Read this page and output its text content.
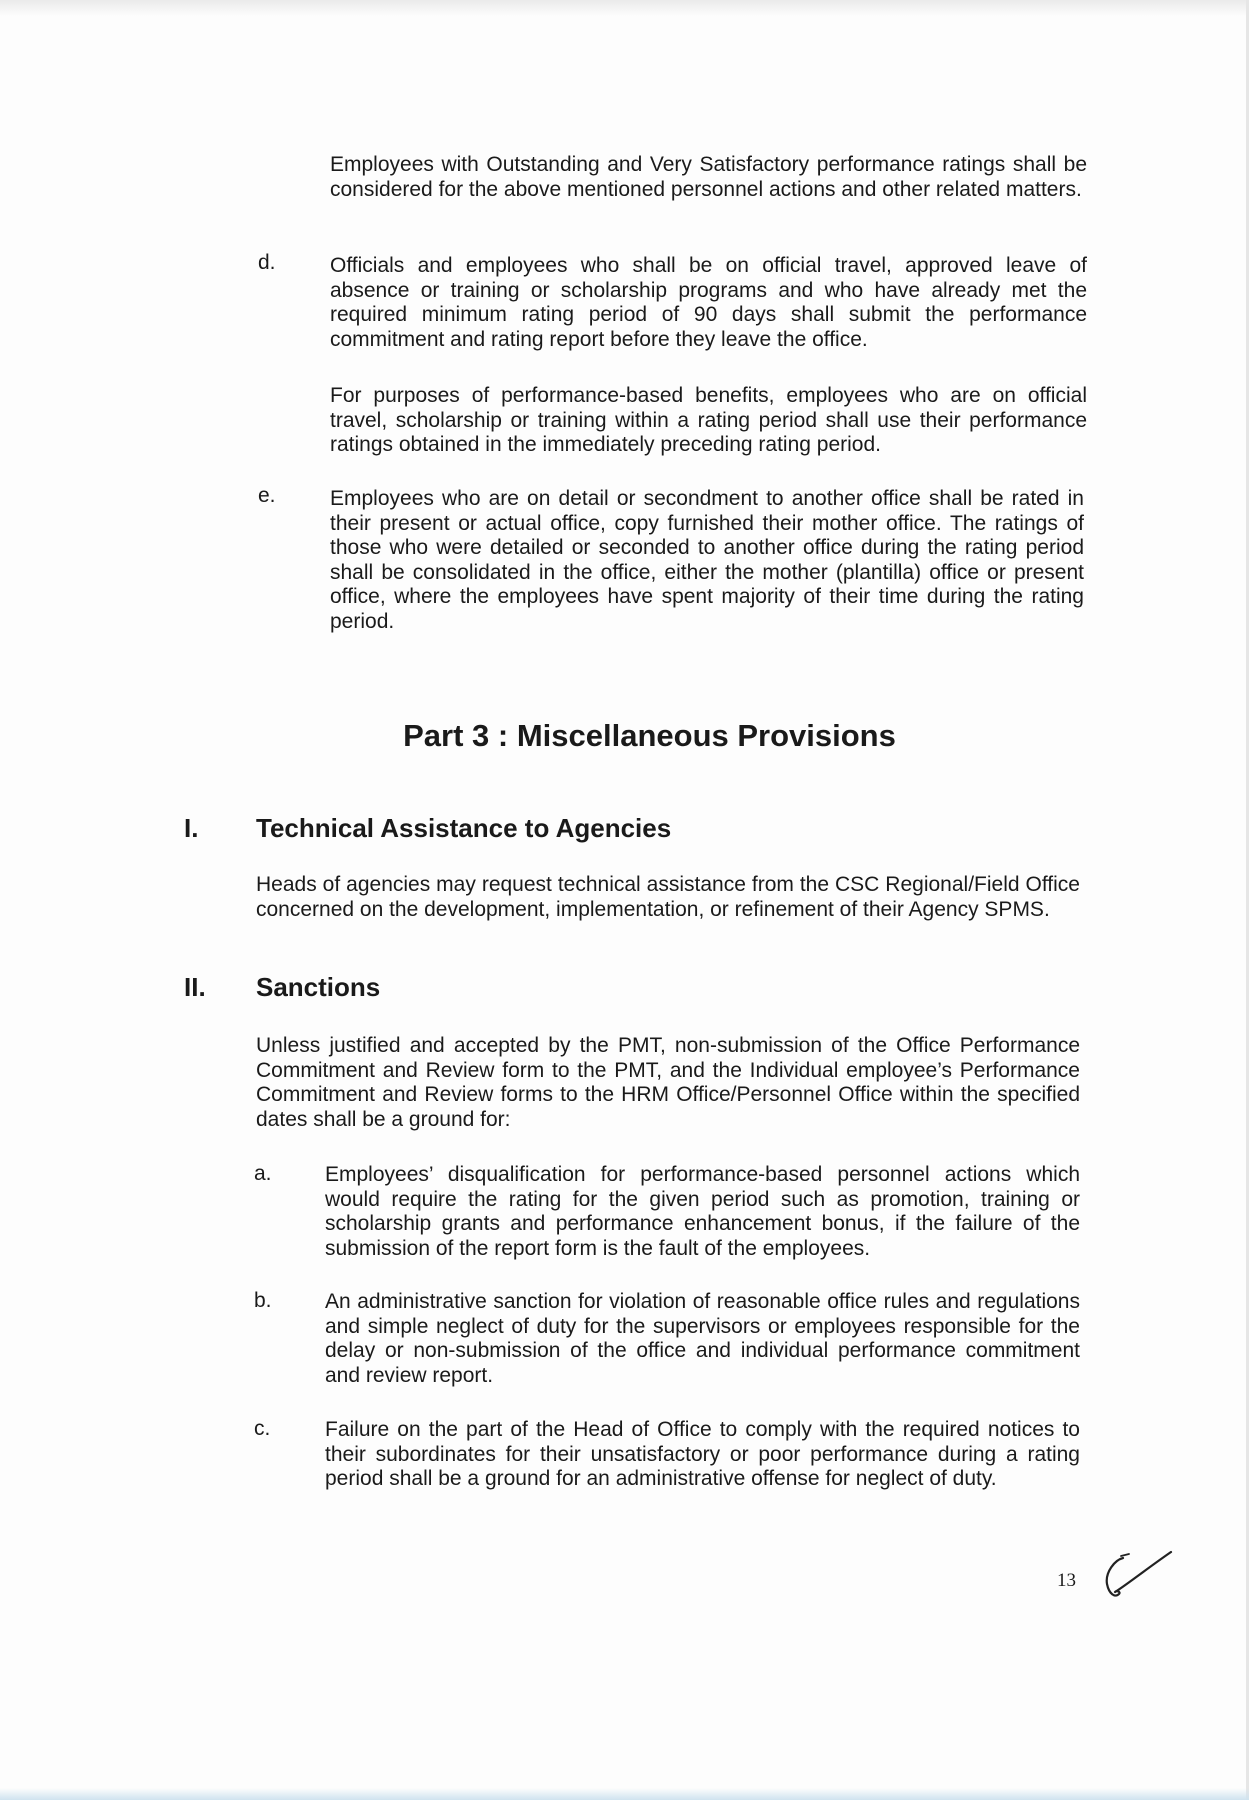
Employees with Outstanding and Very Satisfactory performance ratings shall be considered for the above mentioned personnel actions and other related matters.
d.	Officials and employees who shall be on official travel, approved leave of absence or training or scholarship programs and who have already met the required minimum rating period of 90 days shall submit the performance commitment and rating report before they leave the office.
For purposes of performance-based benefits, employees who are on official travel, scholarship or training within a rating period shall use their performance ratings obtained in the immediately preceding rating period.
e.	Employees who are on detail or secondment to another office shall be rated in their present or actual office, copy furnished their mother office. The ratings of those who were detailed or seconded to another office during the rating period shall be consolidated in the office, either the mother (plantilla) office or present office, where the employees have spent majority of their time during the rating period.
Part 3 : Miscellaneous Provisions
I. Technical Assistance to Agencies
Heads of agencies may request technical assistance from the CSC Regional/Field Office concerned on the development, implementation, or refinement of their Agency SPMS.
II. Sanctions
Unless justified and accepted by the PMT, non-submission of the Office Performance Commitment and Review form to the PMT, and the Individual employee’s Performance Commitment and Review forms to the HRM Office/Personnel Office within the specified dates shall be a ground for:
a.	Employees’ disqualification for performance-based personnel actions which would require the rating for the given period such as promotion, training or scholarship grants and performance enhancement bonus, if the failure of the submission of the report form is the fault of the employees.
b.	An administrative sanction for violation of reasonable office rules and regulations and simple neglect of duty for the supervisors or employees responsible for the delay or non-submission of the office and individual performance commitment and review report.
c.	Failure on the part of the Head of Office to comply with the required notices to their subordinates for their unsatisfactory or poor performance during a rating period shall be a ground for an administrative offense for neglect of duty.
13
